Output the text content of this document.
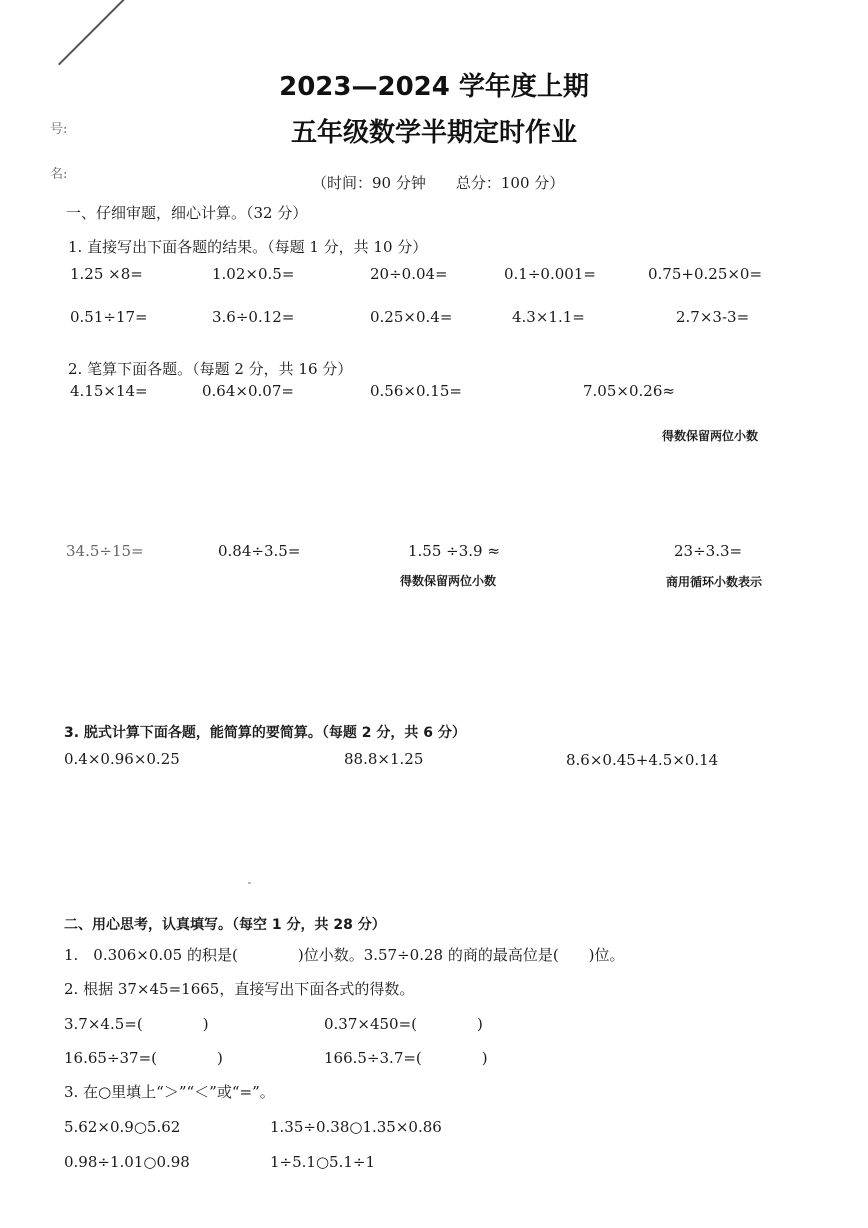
号:
名:
2023—2024 学年度上期
五年级数学半期定时作业
（时间：90 分钟　　总分：100 分）
一、仔细审题，细心计算。（32 分）
1. 直接写出下面各题的结果。（每题 1 分，共 10 分）
1.25 ×8=	1.02×0.5=	20÷0.04=	0.1÷0.001=	0.75+0.25×0=
0.51÷17=	3.6÷0.12=	0.25×0.4=	4.3×1.1=	2.7×3-3=
2. 笔算下面各题。（每题 2 分，共 16 分）
4.15×14=	0.64×0.07=	0.56×0.15=	7.05×0.26≈
得数保留两位小数
34.5÷15=	0.84÷3.5=	1.55 ÷3.9 ≈	23÷3.3=
得数保留两位小数	商用循环小数表示
3. 脱式计算下面各题，能简算的要简算。（每题 2 分，共 6 分）
0.4×0.96×0.25	88.8×1.25	8.6×0.45+4.5×0.14
二、用心思考，认真填写。（每空 1 分，共 28 分）
1.　0.306×0.05 的积是(　　　　)位小数。3.57÷0.28 的商的最高位是(　　)位。
2. 根据 37×45=1665，直接写出下面各式的得数。
3.7×4.5=(　　　　)	0.37×450=(　　　　)
16.65÷37=(　　　　)	166.5÷3.7=(　　　　)
3. 在○里填上“＞”“＜”或“=”。
5.62×0.9○5.62	1.35÷0.38○1.35×0.86
0.98÷1.01○0.98	1÷5.1○5.1÷1
